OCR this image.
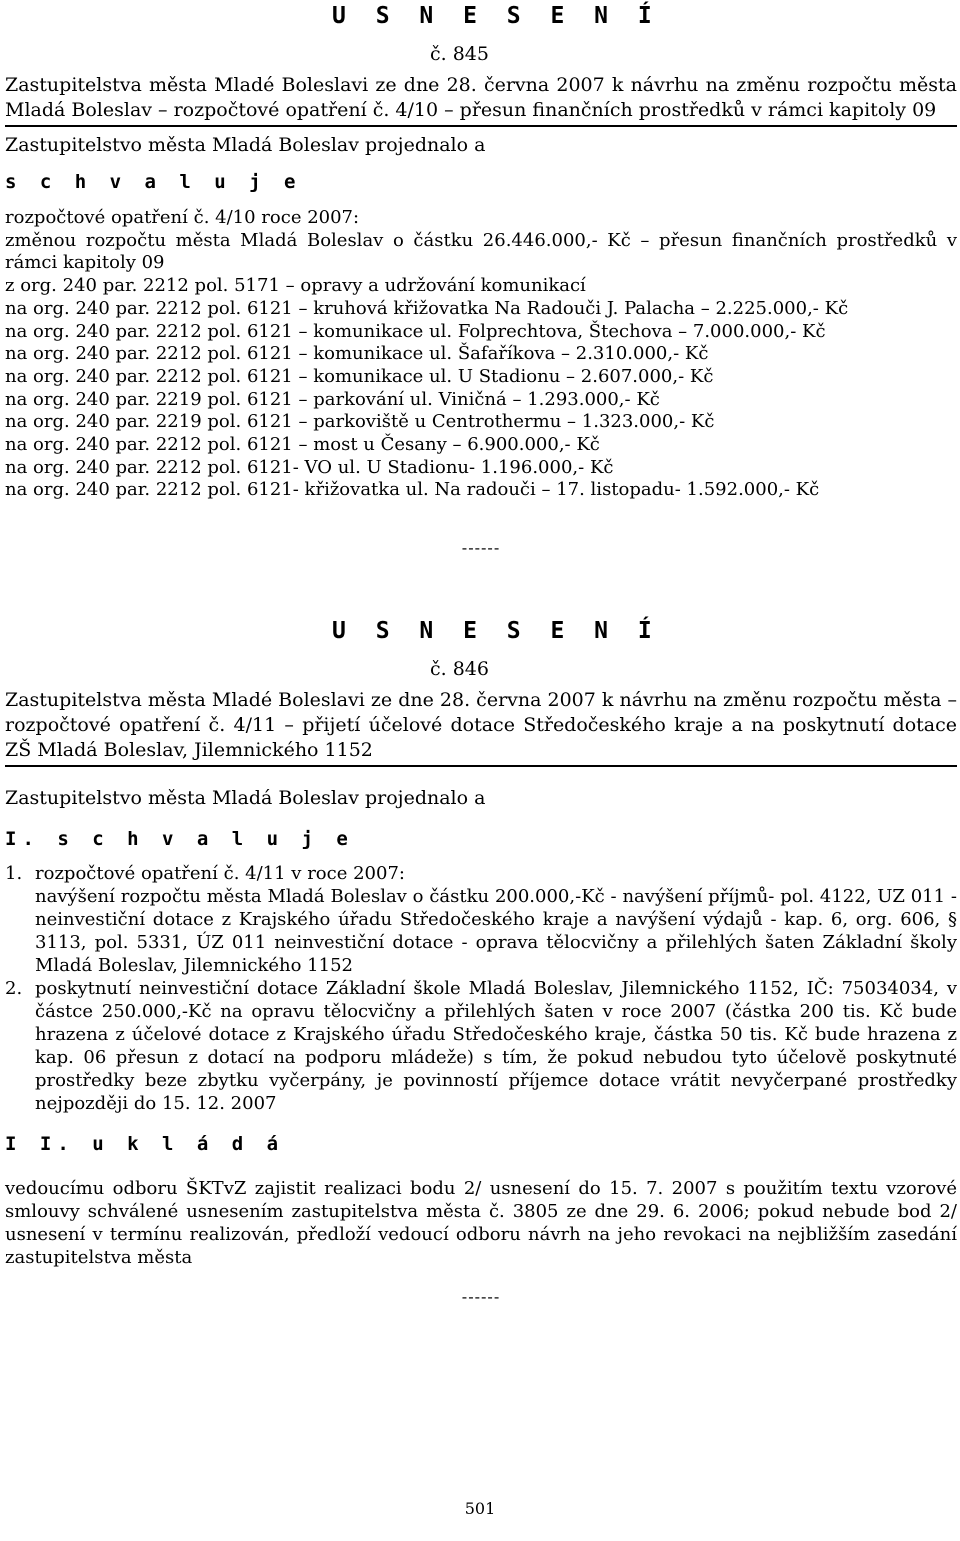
U S N E S E N Í
č. 845
Zastupitelstva města Mladé Boleslavi ze dne 28. června 2007 k návrhu na změnu rozpočtu města Mladá Boleslav – rozpočtové opatření č. 4/10 – přesun finančních prostředků v rámci kapitoly 09
Zastupitelstvo města Mladá Boleslav projednalo a
s c h v a l u j e
rozpočtové opatření č. 4/10 roce 2007:
změnou rozpočtu města Mladá Boleslav o částku 26.446.000,- Kč – přesun finančních prostředků v rámci kapitoly 09
z org. 240 par. 2212 pol. 5171 – opravy a udržování komunikací
na org. 240 par. 2212 pol. 6121 – kruhová křižovatka Na Radouči J. Palacha – 2.225.000,- Kč
na org. 240 par. 2212 pol. 6121 – komunikace ul. Folprechtova, Štechova – 7.000.000,- Kč
na org. 240 par. 2212 pol. 6121 – komunikace ul. Šafaříkova – 2.310.000,- Kč
na org. 240 par. 2212 pol. 6121 – komunikace ul. U Stadionu – 2.607.000,- Kč
na org. 240 par. 2219 pol. 6121 – parkování ul. Viničná – 1.293.000,- Kč
na org. 240 par. 2219 pol. 6121 – parkoviště u Centrothermu – 1.323.000,- Kč
na org. 240 par. 2212 pol. 6121 – most u Česany – 6.900.000,- Kč
na org. 240 par. 2212 pol. 6121- VO ul. U Stadionu- 1.196.000,- Kč
na org. 240 par. 2212 pol. 6121- křižovatka ul. Na radouči – 17. listopadu- 1.592.000,- Kč
------
U S N E S E N Í
č. 846
Zastupitelstva města Mladé Boleslavi ze dne 28. června 2007 k návrhu na změnu rozpočtu města – rozpočtové opatření č. 4/11 – přijetí účelové dotace Středočeského kraje a na poskytnutí dotace ZŠ Mladá Boleslav, Jilemnického 1152
Zastupitelstvo města Mladá Boleslav projednalo a
I. s c h v a l u j e
1. rozpočtové opatření č. 4/11 v roce 2007:
navýšení rozpočtu města Mladá Boleslav o částku 200.000,-Kč - navýšení příjmů- pol. 4122, UZ 011 - neinvestiční dotace z Krajského úřadu Středočeského kraje a navýšení výdajů - kap. 6, org. 606, § 3113, pol. 5331, ÚZ 011 neinvestiční dotace - oprava tělocvičny a přilehlých šaten Základní školy Mladá Boleslav, Jilemnického 1152
2. poskytnutí neinvestiční dotace Základní škole Mladá Boleslav, Jilemnického 1152, IČ: 75034034, v částce 250.000,-Kč na opravu tělocvičny a přilehlých šaten v roce 2007 (částka 200 tis. Kč bude hrazena z účelové dotace z Krajského úřadu Středočeského kraje, částka 50 tis. Kč bude hrazena z kap. 06 přesun z dotací na podporu mládeže) s tím, že pokud nebudou tyto účelově poskytnuté prostředky beze zbytku vyčerpány, je povinností příjemce dotace vrátit nevyčerpané prostředky nejpozději do 15. 12. 2007
I I. u k l á d á
vedoucímu odboru ŠKTvZ zajistit realizaci bodu 2/ usnesení do 15. 7. 2007 s použitím textu vzorové smlouvy schválené usnesením zastupitelstva města č. 3805 ze dne 29. 6. 2006; pokud nebude bod 2/ usnesení v termínu realizován, předloží vedoucí odboru návrh na jeho revokaci na nejbližším zasedání zastupitelstva města
------
501
